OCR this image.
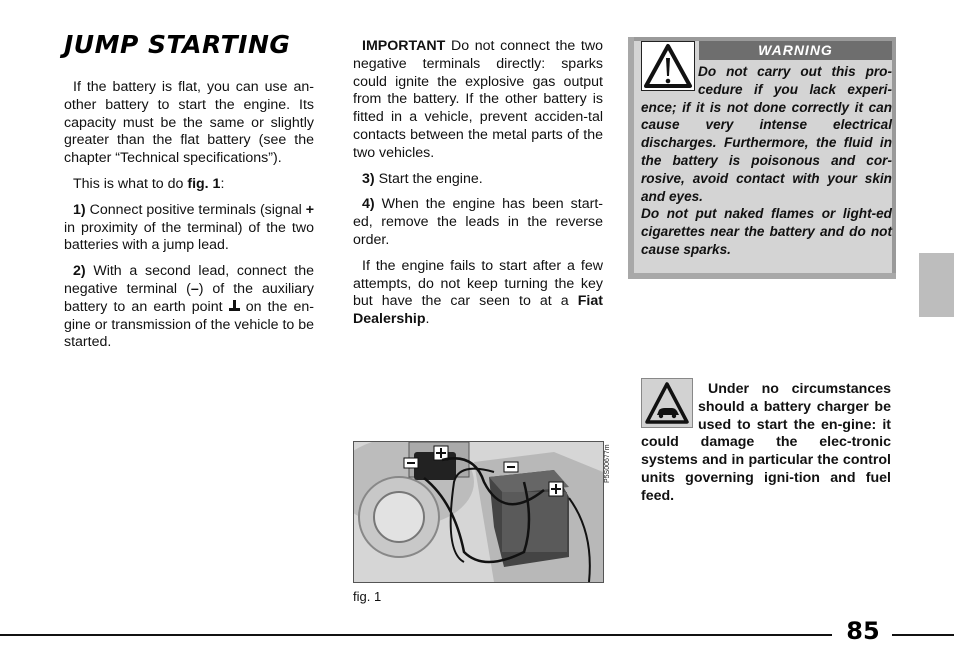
JUMP STARTING

If the battery is flat, you can use an-other battery to start the engine. Its capacity must be the same or slightly greater than the flat battery (see the chapter “Technical specifications”).

This is what to do fig. 1:

1) Connect positive terminals (signal + in proximity of the terminal) of the two batteries with a jump lead.

2) With a second lead, connect the negative terminal (–) of the auxiliary battery to an earth point  on the en-gine or transmission of the vehicle to be started.

IMPORTANT Do not connect the two negative terminals directly: sparks could ignite the explosive gas output from the battery. If the other battery is fitted in a vehicle, prevent acciden-tal contacts between the metal parts of the two vehicles.

3) Start the engine.

4) When the engine has been start-ed, remove the leads in the reverse order.

If the engine fails to start after a few attempts, do not keep turning the key but have the car seen to at a Fiat Dealership.

WARNING

Do not carry out this pro-cedure if you lack experi-ence; if it is not done correctly it can cause very intense electrical discharges. Furthermore, the fluid in the battery is poisonous and cor-rosive, avoid contact with your skin and eyes.

Do not put naked flames or light-ed cigarettes near the battery and do not cause sparks.

Under no circumstances should a battery charger be used to start the en-gine: it could damage the elec-tronic systems and in particular the control units governing igni-tion and fuel feed.

P5S00677m

fig. 1

85
